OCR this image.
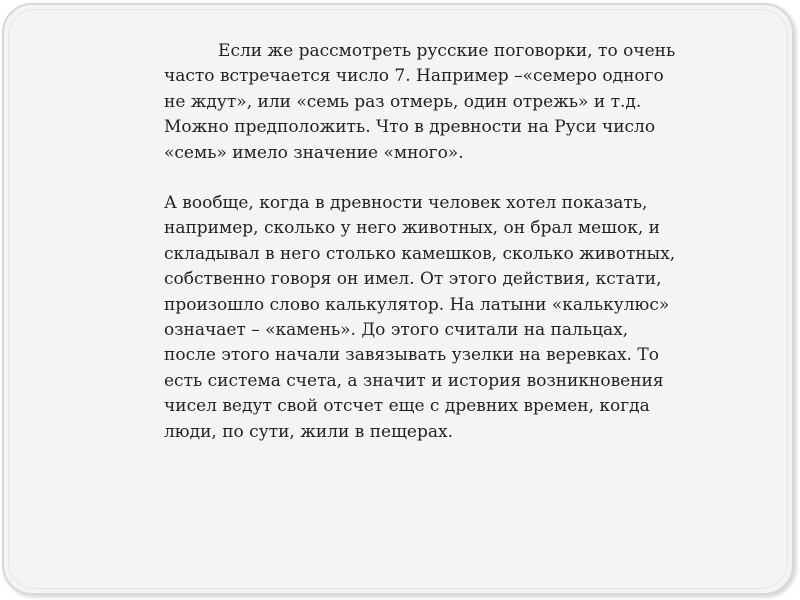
Если же рассмотреть русские поговорки, то очень
часто встречается число 7. Например –«семеро одного
не ждут», или «семь раз отмерь, один отрежь» и т.д.
Можно предположить. Что в древности на Руси число
«семь» имело значение «много».

А вообще, когда в древности человек хотел показать,
например, сколько у него животных, он брал мешок, и
складывал в него столько камешков, сколько животных,
собственно говоря он имел. От этого действия, кстати,
произошло слово калькулятор. На латыни «калькулюс»
означает – «камень». До этого считали на пальцах,
после этого начали завязывать узелки на веревках. То
есть система счета, а значит и история возникновения
чисел ведут свой отсчет еще с древних времен, когда
люди, по сути, жили в пещерах.
